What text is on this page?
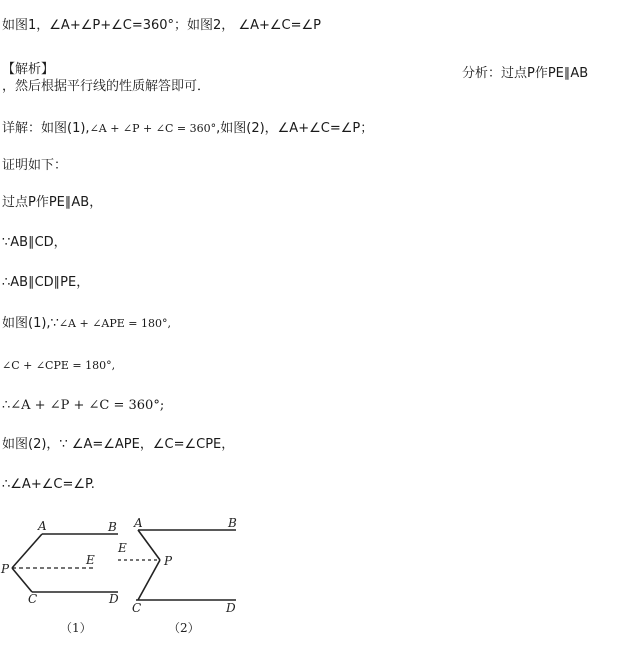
如图1，∠A+∠P+∠C=360°；如图2， ∠A+∠C=∠P
【解析】	分析：过点P作PE∥AB
，然后根据平行线的性质解答即可．
详解：如图(1),∠A + ∠P + ∠C = 360°,如图(2)，∠A+∠C=∠P；
证明如下：
过点P作PE∥AB，
∵AB∥CD，
∴AB∥CD∥PE，
如图(1),∵∠A + ∠APE = 180°,
∠C + ∠CPE = 180°,
∴∠A + ∠P + ∠C = 360°;
如图(2)，∵ ∠A=∠APE，∠C=∠CPE，
∴∠A+∠C=∠P.
A	B
P
E
C	D
（1）
A	B
E
P
C	D
（2）
